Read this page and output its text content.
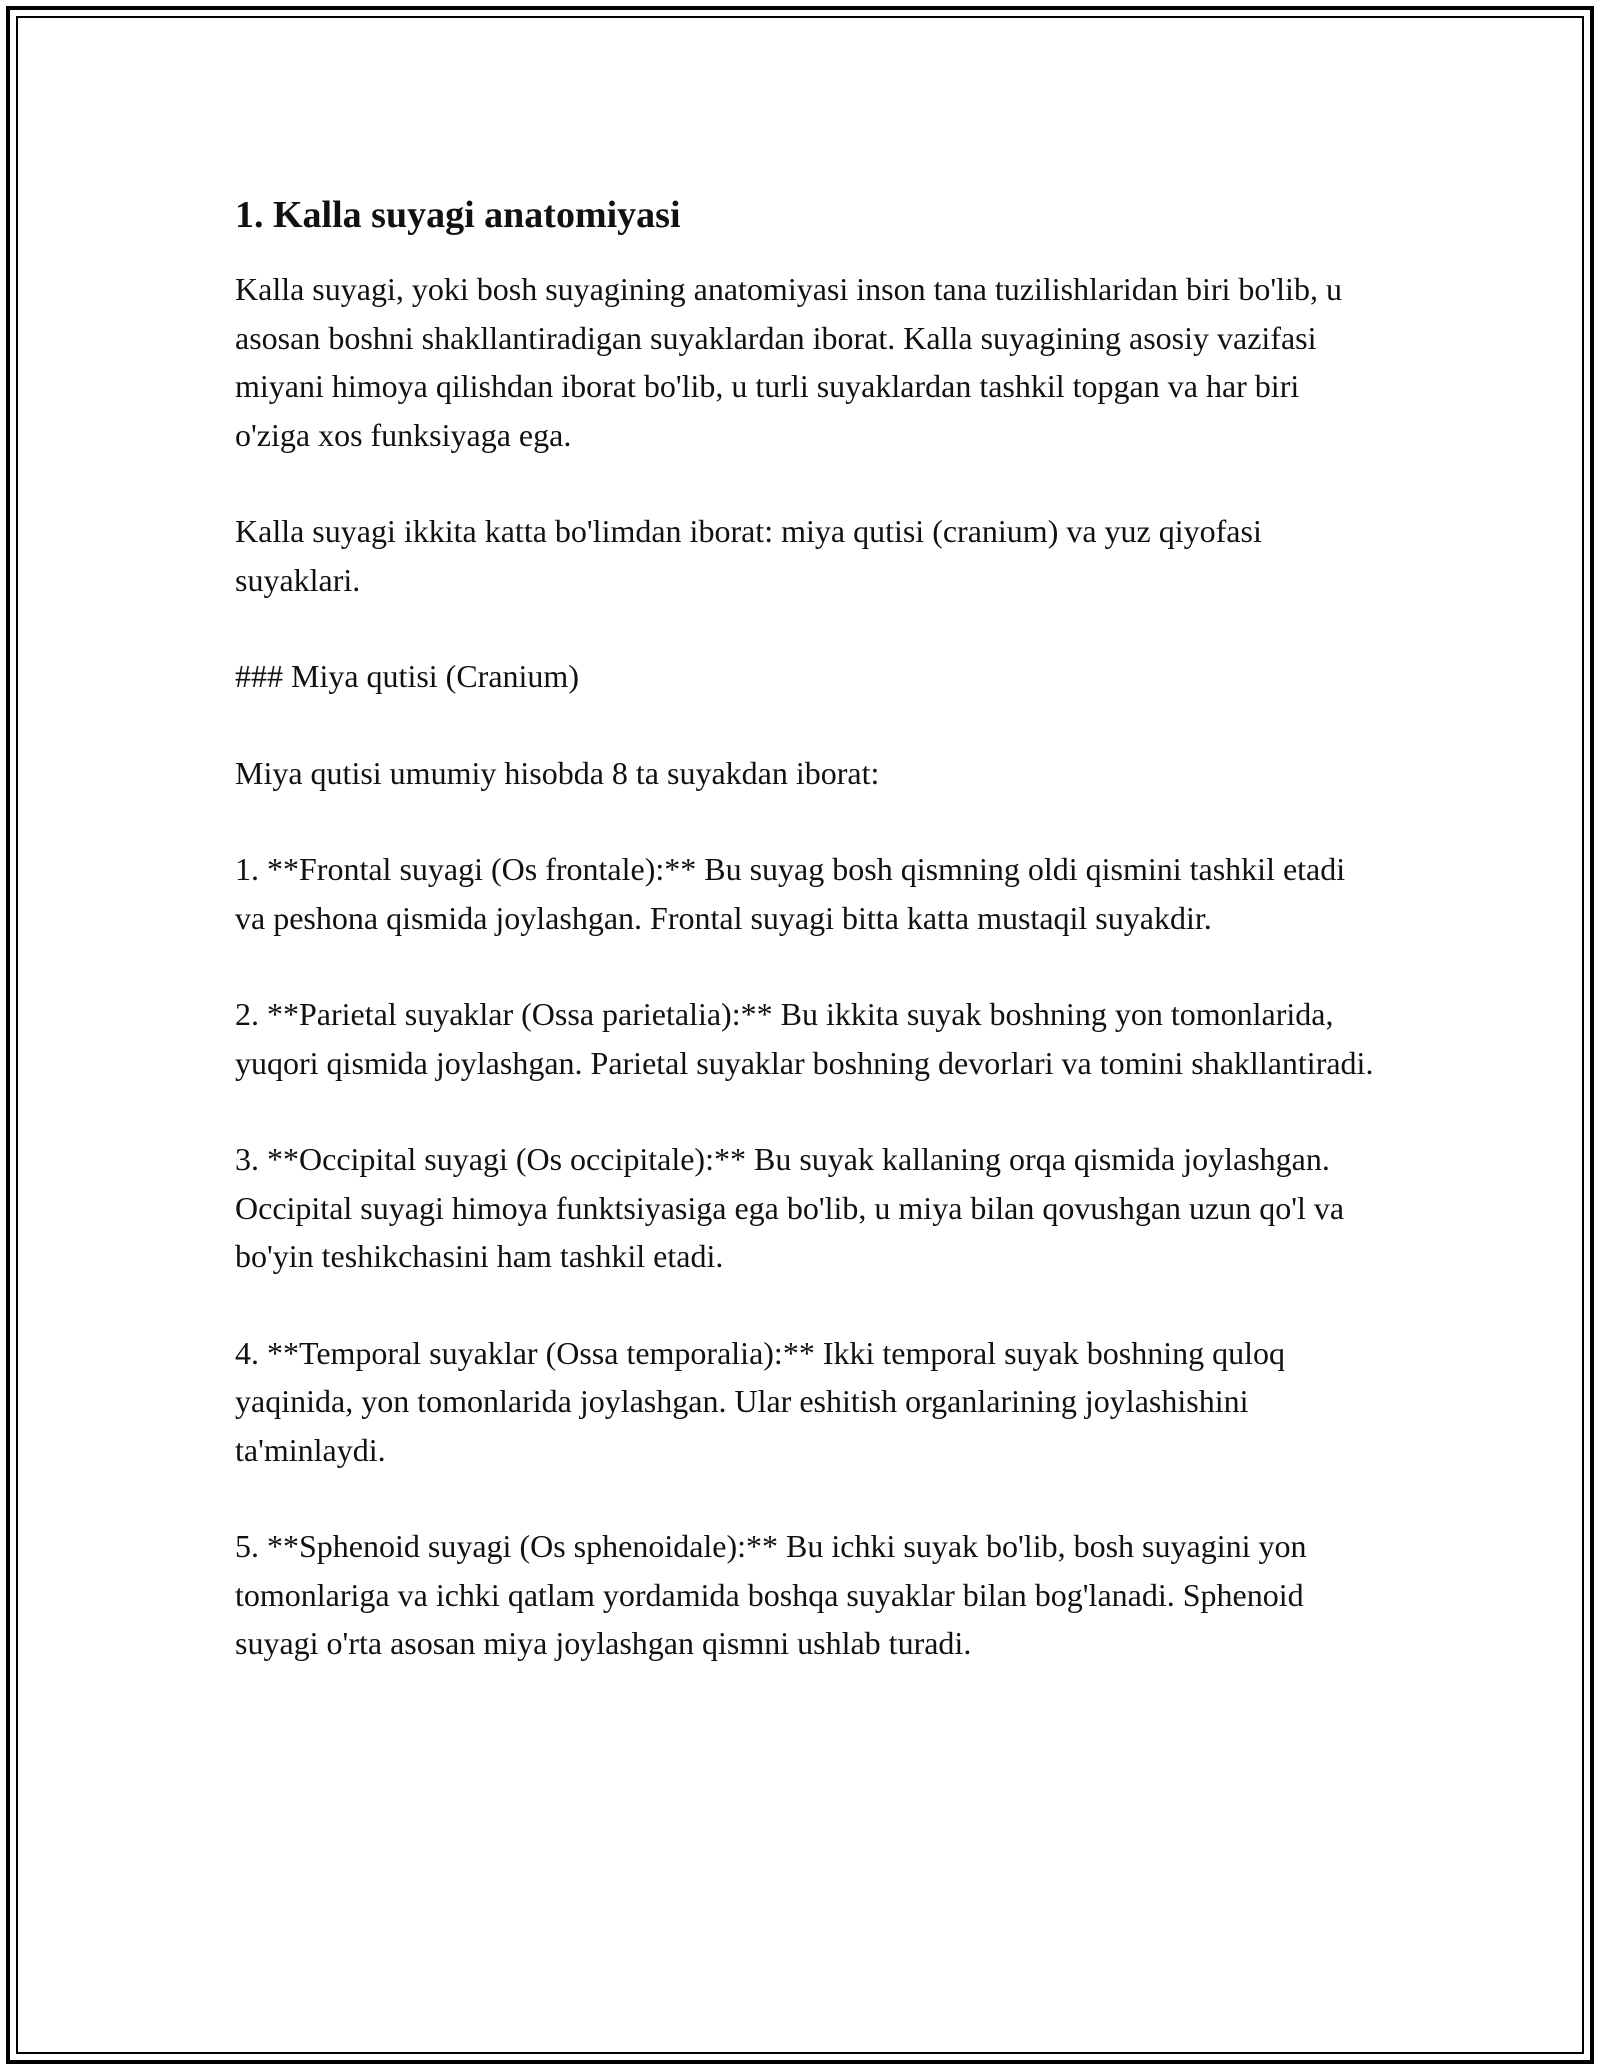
1. Kalla suyagi anatomiyasi

Kalla suyagi, yoki bosh suyagining anatomiyasi inson tana tuzilishlaridan biri bo'lib, u asosan boshni shakllantiradigan suyaklardan iborat. Kalla suyagining asosiy vazifasi miyani himoya qilishdan iborat bo'lib, u turli suyaklardan tashkil topgan va har biri o'ziga xos funksiyaga ega.

Kalla suyagi ikkita katta bo'limdan iborat: miya qutisi (cranium) va yuz qiyofasi suyaklari.

### Miya qutisi (Cranium)

Miya qutisi umumiy hisobda 8 ta suyakdan iborat:

1. **Frontal suyagi (Os frontale):** Bu suyag bosh qismning oldi qismini tashkil etadi va peshona qismida joylashgan. Frontal suyagi bitta katta mustaqil suyakdir.

2. **Parietal suyaklar (Ossa parietalia):** Bu ikkita suyak boshning yon tomonlarida, yuqori qismida joylashgan. Parietal suyaklar boshning devorlari va tomini shakllantiradi.

3. **Occipital suyagi (Os occipitale):** Bu suyak kallaning orqa qismida joylashgan. Occipital suyagi himoya funktsiyasiga ega bo'lib, u miya bilan qovushgan uzun qo'l va bo'yin teshikchasini ham tashkil etadi.

4. **Temporal suyaklar (Ossa temporalia):** Ikki temporal suyak boshning quloq yaqinida, yon tomonlarida joylashgan. Ular eshitish organlarining joylashishini ta'minlaydi.

5. **Sphenoid suyagi (Os sphenoidale):** Bu ichki suyak bo'lib, bosh suyagini yon tomonlariga va ichki qatlam yordamida boshqa suyaklar bilan bog'lanadi. Sphenoid suyagi o'rta asosan miya joylashgan qismni ushlab turadi.
